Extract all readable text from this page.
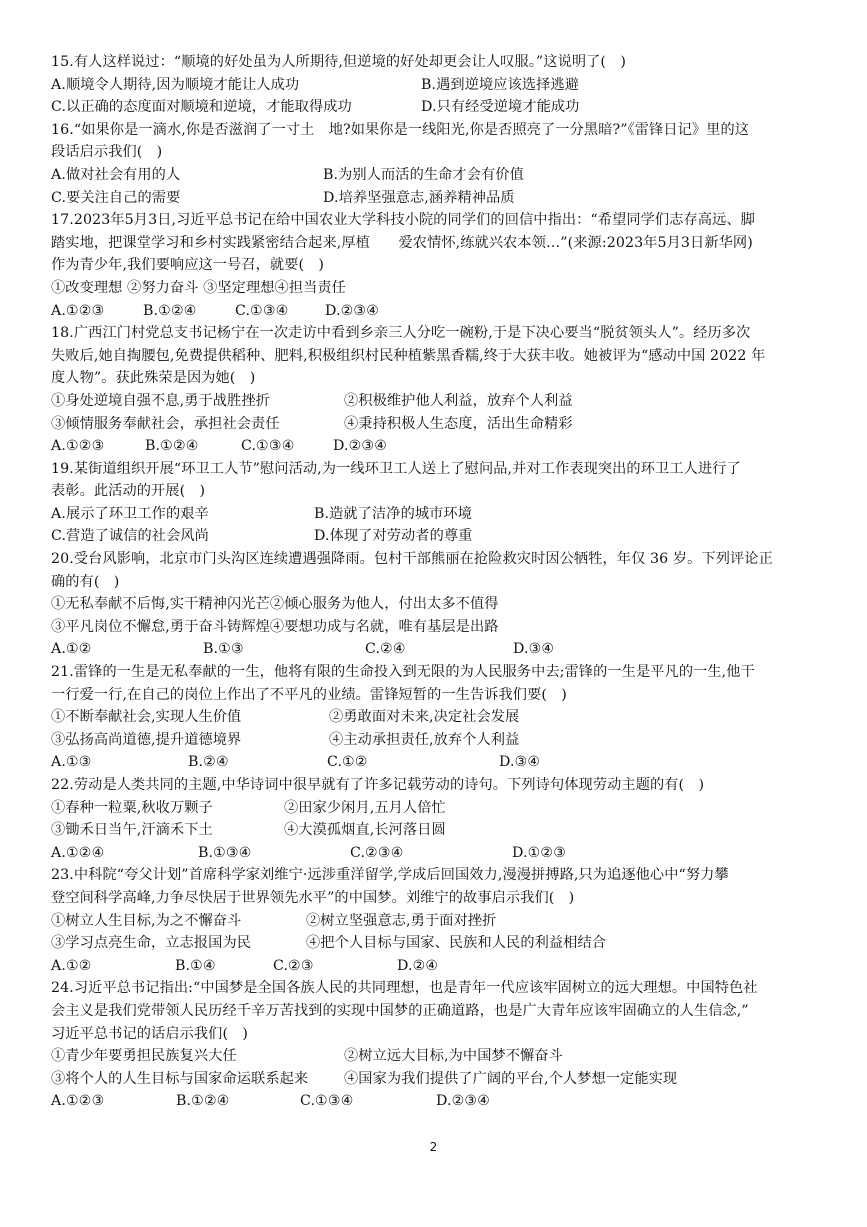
15.有人这样说过：“顺境的好处虽为人所期待,但逆境的好处却更会让人叹服。”这说明了(　)
A.顺境令人期待,因为顺境才能让人成功	B.遇到逆境应该选择逃避
C.以正确的态度面对顺境和逆境，才能取得成功	D.只有经受逆境才能成功
16.“如果你是一滴水,你是否滋润了一寸土　地?如果你是一线阳光,你是否照亮了一分黑暗?”《雷锋日记》里的这
段话启示我们(　)
A.做对社会有用的人	B.为别人而活的生命才会有价值
C.要关注自己的需要	D.培养坚强意志,涵养精神品质
17.2023年5月3日,习近平总书记在给中国农业大学科技小院的同学们的回信中指出：“希望同学们志存高远、脚
踏实地，把课堂学习和乡村实践紧密结合起来,厚植　　爱农情怀,练就兴农本领…”(来源:2023年5月3日新华网)
作为青少年,我们要响应这一号召，就要(　)
①改变理想 ②努力奋斗 ③坚定理想④担当责任
A.①②③	B.①②④	C.①③④	D.②③④
18.广西江门村党总支书记杨宁在一次走访中看到乡亲三人分吃一碗粉,于是下决心要当“脱贫领头人”。经历多次
失败后,她自掏腰包,免费提供稻种、肥料,积极组织村民种植紫黑香糯,终于大获丰收。她被评为“感动中国 2022 年
度人物”。获此殊荣是因为她(　)
①身处逆境自强不息,勇于战胜挫折	②积极维护他人利益，放弃个人利益
③倾情服务奉献社会，承担社会责任	④秉持积极人生态度，活出生命精彩
A.①②③	B.①②④	C.①③④	D.②③④
19.某街道组织开展“环卫工人节”慰问活动,为一线环卫工人送上了慰问品,并对工作表现突出的环卫工人进行了
表彰。此活动的开展(　)
A.展示了环卫工作的艰辛	B.造就了洁净的城市环境
C.营造了诚信的社会风尚	D.体现了对劳动者的尊重
20.受台风影响，北京市门头沟区连续遭遇强降雨。包村干部熊丽在抢险救灾时因公牺牲，年仅 36 岁。下列评论正
确的有(　)
①无私奉献不后悔,实干精神闪光芒②倾心服务为他人，付出太多不值得
③平凡岗位不懈怠,勇于奋斗铸辉煌④要想功成与名就，唯有基层是出路
A.①②	B.①③	C.②④	D.③④
21.雷锋的一生是无私奉献的一生，他将有限的生命投入到无限的为人民服务中去;雷锋的一生是平凡的一生,他干
一行爱一行,在自己的岗位上作出了不平凡的业绩。雷锋短暂的一生告诉我们要(　)
①不断奉献社会,实现人生价值	②勇敢面对未来,决定社会发展
③弘扬高尚道德,提升道德境界	④主动承担责任,放弃个人利益
A.①③	B.②④	C.①②	D.③④
22.劳动是人类共同的主题,中华诗词中很早就有了许多记载劳动的诗句。下列诗句体现劳动主题的有(　)
①春种一粒粟,秋收万颗子	②田家少闲月,五月人倍忙
③锄禾日当午,汗滴禾下土	④大漠孤烟直,长河落日圆
A.①②④	B.①③④	C.②③④	D.①②③
23.中科院“夸父计划”首席科学家刘维宁·远涉重洋留学,学成后回国效力,漫漫拼搏路,只为追逐他心中“努力攀
登空间科学高峰,力争尽快居于世界领先水平”的中国梦。刘维宁的故事启示我们(　)
①树立人生目标,为之不懈奋斗	②树立坚强意志,勇于面对挫折
③学习点亮生命，立志报国为民	④把个人目标与国家、民族和人民的利益相结合
A.①②	B.①④	C.②③	D.②④
24.习近平总书记指出:“中国梦是全国各族人民的共同理想，也是青年一代应该牢固树立的远大理想。中国特色社
会主义是我们党带领人民历经千辛万苦找到的实现中国梦的正确道路，也是广大青年应该牢固确立的人生信念,”
习近平总书记的话启示我们(　)
①青少年要勇担民族复兴大任	②树立远大目标,为中国梦不懈奋斗
③将个人的人生目标与国家命运联系起来	④国家为我们提供了广阔的平台,个人梦想一定能实现
A.①②③	B.①②④	C.①③④	D.②③④
2
